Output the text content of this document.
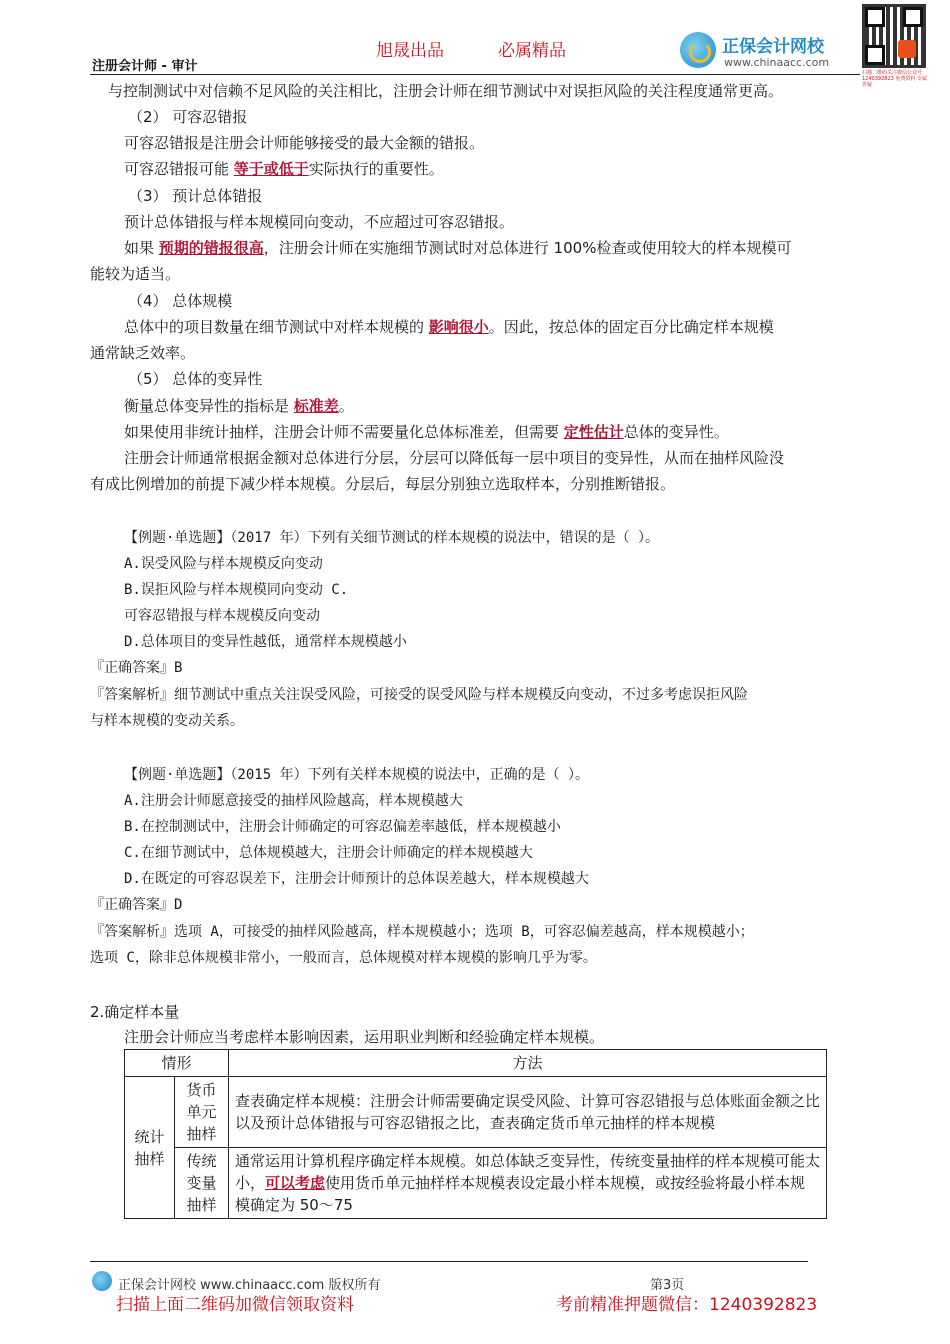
旭晟出品	必属精品
注册会计师 - 审计
正保会计网校
www.chinaacc.com
扫描二维码关注微信公众号 1240392823 免费资料 专属答疑
与控制测试中对信赖不足风险的关注相比，注册会计师在细节测试中对误拒风险的关注程度通常更高。
（2） 可容忍错报
可容忍错报是注册会计师能够接受的最大金额的错报。
可容忍错报可能 等于或低于实际执行的重要性。
（3） 预计总体错报
预计总体错报与样本规模同向变动，不应超过可容忍错报。
如果 预期的错报很高，注册会计师在实施细节测试时对总体进行 100%检查或使用较大的样本规模可
能较为适当。
（4） 总体规模
总体中的项目数量在细节测试中对样本规模的 影响很小。因此，按总体的固定百分比确定样本规模
通常缺乏效率。
（5） 总体的变异性
衡量总体变异性的指标是 标准差。
如果使用非统计抽样，注册会计师不需要量化总体标准差，但需要 定性估计总体的变异性。
注册会计师通常根据金额对总体进行分层，分层可以降低每一层中项目的变异性，从而在抽样风险没
有成比例增加的前提下减少样本规模。分层后，每层分别独立选取样本，分别推断错报。
【例题·单选题】（2017 年）下列有关细节测试的样本规模的说法中，错误的是（ ）。
A.误受风险与样本规模反向变动
B.误拒风险与样本规模同向变动 C.
可容忍错报与样本规模反向变动
D.总体项目的变异性越低，通常样本规模越小
『正确答案』B
『答案解析』细节测试中重点关注误受风险，可接受的误受风险与样本规模反向变动，不过多考虑误拒风险
与样本规模的变动关系。
【例题·单选题】（2015 年）下列有关样本规模的说法中，正确的是（ ）。
A.注册会计师愿意接受的抽样风险越高，样本规模越大
B.在控制测试中，注册会计师确定的可容忍偏差率越低，样本规模越小
C.在细节测试中，总体规模越大，注册会计师确定的样本规模越大
D.在既定的可容忍误差下，注册会计师预计的总体误差越大，样本规模越大
『正确答案』D
『答案解析』选项 A，可接受的抽样风险越高，样本规模越小；选项 B，可容忍偏差越高，样本规模越小；
选项 C，除非总体规模非常小，一般而言，总体规模对样本规模的影响几乎为零。
2.确定样本量
注册会计师应当考虑样本影响因素，运用职业判断和经验确定样本规模。
情形		方法
统计抽样	货币单元抽样	查表确定样本规模：注册会计师需要确定误受风险、计算可容忍错报与总体账面金额之比以及预计总体错报与可容忍错报之比，查表确定货币单元抽样的样本规模
	传统变量抽样	通常运用计算机程序确定样本规模。如总体缺乏变异性，传统变量抽样的样本规模可能太小，可以考虑使用货币单元抽样样本规模表设定最小样本规模，或按经验将最小样本规模确定为 50～75
正保会计网校 www.chinaacc.com 版权所有	第3页
扫描上面二维码加微信领取资料	考前精准押题微信：1240392823
